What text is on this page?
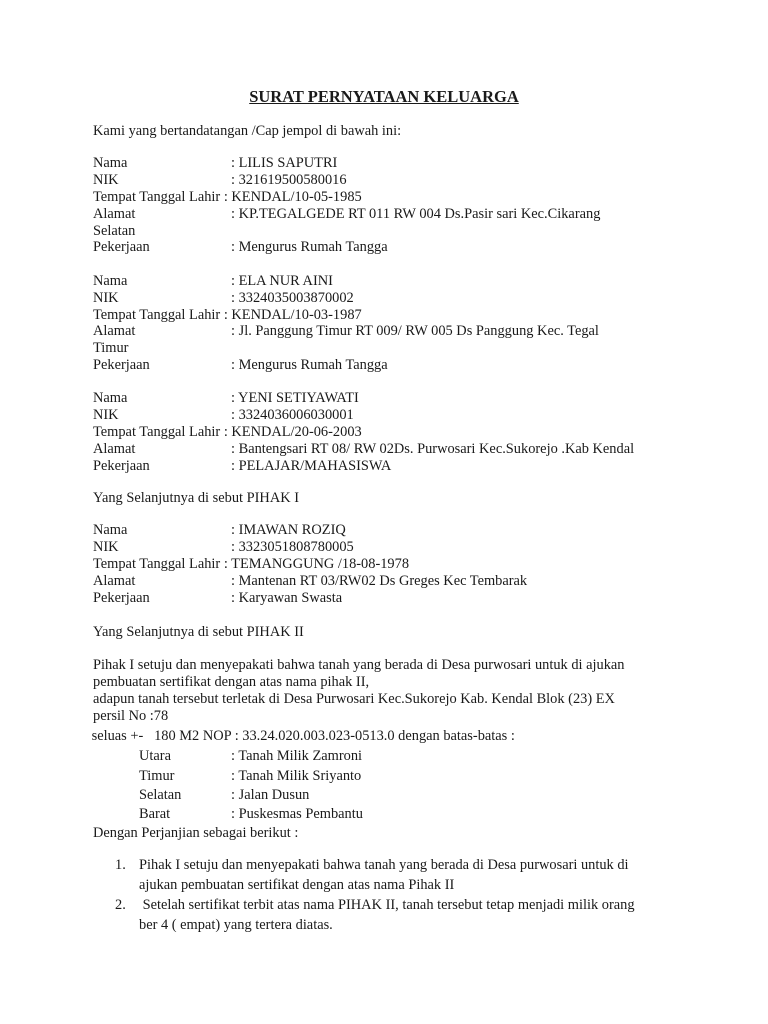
SURAT PERNYATAAN KELUARGA
Kami yang bertandatangan /Cap jempol di bawah ini:
Nama	: LILIS SAPUTRI
NIK	: 321619500580016
Tempat Tanggal Lahir : KENDAL/10-05-1985
Alamat	: KP.TEGALGEDE RT 011 RW 004 Ds.Pasir sari Kec.Cikarang
Selatan
Pekerjaan	: Mengurus Rumah Tangga
Nama	: ELA NUR AINI
NIK	: 3324035003870002
Tempat Tanggal Lahir : KENDAL/10-03-1987
Alamat	: Jl. Panggung Timur RT 009/ RW 005 Ds Panggung Kec. Tegal
Timur
Pekerjaan	: Mengurus Rumah Tangga
Nama	: YENI SETIYAWATI
NIK	: 3324036006030001
Tempat Tanggal Lahir : KENDAL/20-06-2003
Alamat	: Bantengsari RT 08/ RW 02Ds. Purwosari Kec.Sukorejo .Kab Kendal
Pekerjaan	: PELAJAR/MAHASISWA
Yang Selanjutnya di sebut PIHAK I
Nama	: IMAWAN ROZIQ
NIK	: 3323051808780005
Tempat Tanggal Lahir : TEMANGGUNG /18-08-1978
Alamat	: Mantenan RT 03/RW02 Ds Greges Kec Tembarak
Pekerjaan	: Karyawan Swasta
Yang Selanjutnya di sebut PIHAK II
Pihak I setuju dan menyepakati bahwa tanah yang berada di Desa purwosari untuk di ajukan
pembuatan sertifikat dengan atas nama pihak II,
adapun tanah tersebut terletak di Desa Purwosari Kec.Sukorejo Kab. Kendal Blok (23) EX
persil No :78
seluas +-   180 M2 NOP : 33.24.020.003.023-0513.0 dengan batas-batas :
Utara	: Tanah Milik Zamroni
Timur	: Tanah Milik Sriyanto
Selatan	: Jalan Dusun
Barat	: Puskesmas Pembantu
Dengan Perjanjian sebagai berikut :
1. Pihak I setuju dan menyepakati bahwa tanah yang berada di Desa purwosari untuk di
ajukan pembuatan sertifikat dengan atas nama Pihak II
2. Setelah sertifikat terbit atas nama PIHAK II, tanah tersebut tetap menjadi milik orang
ber 4 ( empat) yang tertera diatas.
